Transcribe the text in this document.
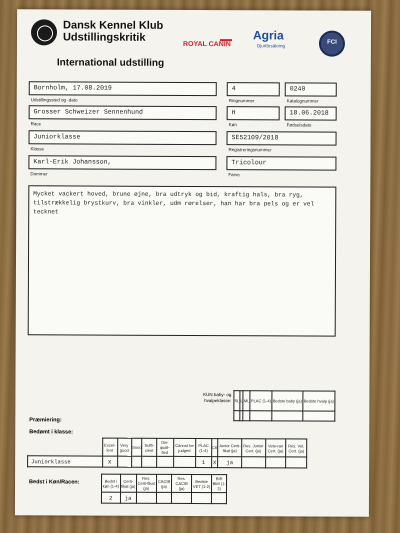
Dansk Kennel Klub
Udstillingskritik
ROYAL CANIN
Agria
Djurförsäkring
FCI
International udstilling
Bornholm, 17.08.2019
Udstillingssted og -dato
4
Ringnummer
0240
Katalognummer
Grosser Schweizer Sennenhund
Race
H
Køn
18.06.2018
Fødselsdato
Juniorklasse
Klasse
SE52109/2018
Registreringsnummer
Karl-Erik Johansson,
Dommer
Tricolour
Farve
Mycket vackert hoved, brune øjne, bra udtryk og bid, kraftig hals, bra ryg, tilstrækkelig brystkurv, bra vinkler, udm rørelser, han har bra pels og er vel tecknet
KUN baby- og
hvalpeklasse: SL	L	ML	PLAC (1-4)	Bedste baby (ja)	Bedste hvalp (ja)

Præmiering:
Bedømt i klasse:
	Excel-lent	Very good	Good	Suffi-cient	Dis-quali-fied	Cannot be judged	PLAC (1-4)	CK	Junior Certi-fikat (ja)	Res. Junior Cert. (ja)	Vete-ran Cert. (ja)	Res. Vet. Cert. (ja)
Juniorklasse	X						1	X	ja			
Bedst i Køn/Racen:	Bedst i køn (1-4)	Certi-fikat (ja)	Res. Certi-fikat (ja)	CACIB (ja)	Res. CACIB (ja)	Bedste VET (1-2)	BIR BIM (1-2)
2	ja					
